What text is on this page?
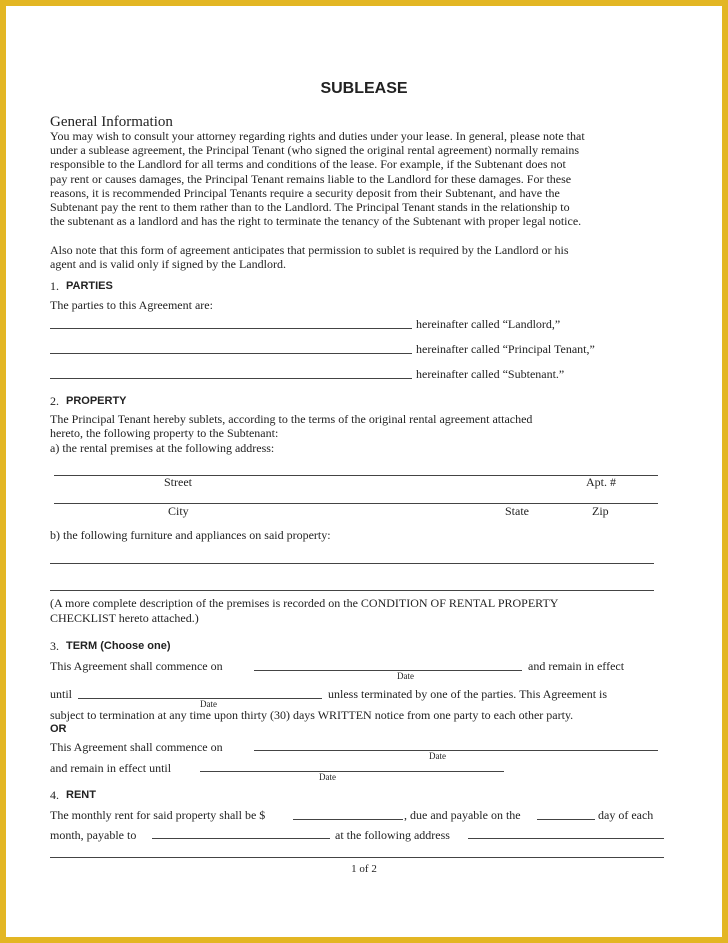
SUBLEASE
General Information
You may wish to consult your attorney regarding rights and duties under your lease. In general, please note that
under a sublease agreement, the Principal Tenant (who signed the original rental agreement) normally remains
responsible to the Landlord for all terms and conditions of the lease. For example, if the Subtenant does not
pay rent or causes damages, the Principal Tenant remains liable to the Landlord for these damages. For these
reasons, it is recommended Principal Tenants require a security deposit from their Subtenant, and have the
Subtenant pay the rent to them rather than to the Landlord. The Principal Tenant stands in the relationship to
the subtenant as a landlord and has the right to terminate the tenancy of the Subtenant with proper legal notice.
Also note that this form of agreement anticipates that permission to sublet is required by the Landlord or his
agent and is valid only if signed by the Landlord.
1. PARTIES
The parties to this Agreement are:
hereinafter called “Landlord,”
hereinafter called “Principal Tenant,”
hereinafter called “Subtenant.”
2. PROPERTY
The Principal Tenant hereby sublets, according to the terms of the original rental agreement attached
hereto, the following property to the Subtenant:
a) the rental premises at the following address:
Street	Apt. #
City	State	Zip
b) the following furniture and appliances on said property:
(A more complete description of the premises is recorded on the CONDITION OF RENTAL PROPERTY
CHECKLIST hereto attached.)
3. TERM (Choose one)
This Agreement shall commence on
Date
and remain in effect
until
Date
unless terminated by one of the parties. This Agreement is
subject to termination at any time upon thirty (30) days WRITTEN notice from one party to each other party.
OR
This Agreement shall commence on
Date
and remain in effect until
Date
4. RENT
The monthly rent for said property shall be $	, due and payable on the	day of each
month, payable to	at the following address
1 of 2
